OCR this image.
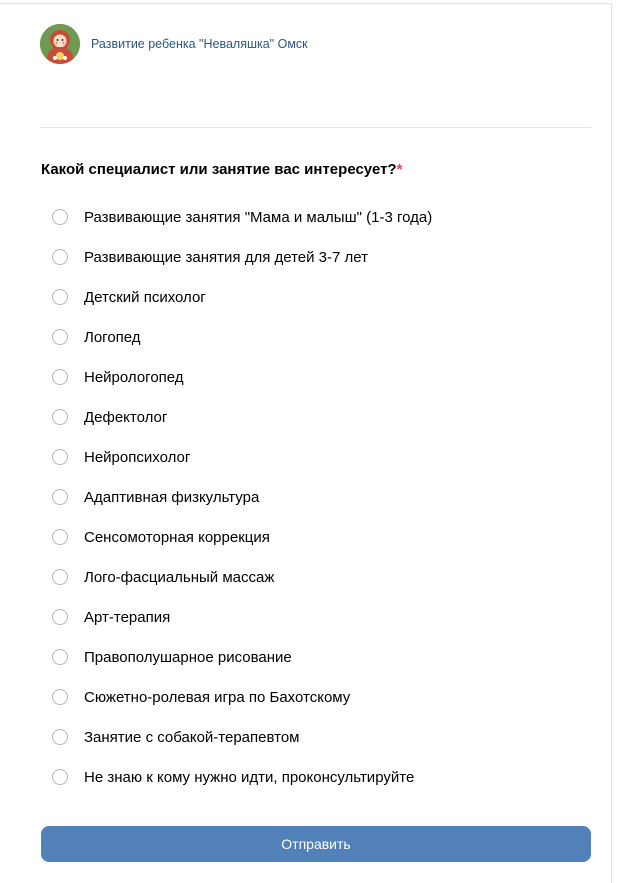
Развитие ребенка "Неваляшка" Омск
Какой специалист или занятие вас интересует?*
Развивающие занятия "Мама и малыш" (1-3 года)
Развивающие занятия для детей 3-7 лет
Детский психолог
Логопед
Нейрологопед
Дефектолог
Нейропсихолог
Адаптивная физкультура
Сенсомоторная коррекция
Лого-фасциальный массаж
Арт-терапия
Правополушарное рисование
Сюжетно-ролевая игра по Бахотскому
Занятие с собакой-терапевтом
Не знаю к кому нужно идти, проконсультируйте
Отправить
